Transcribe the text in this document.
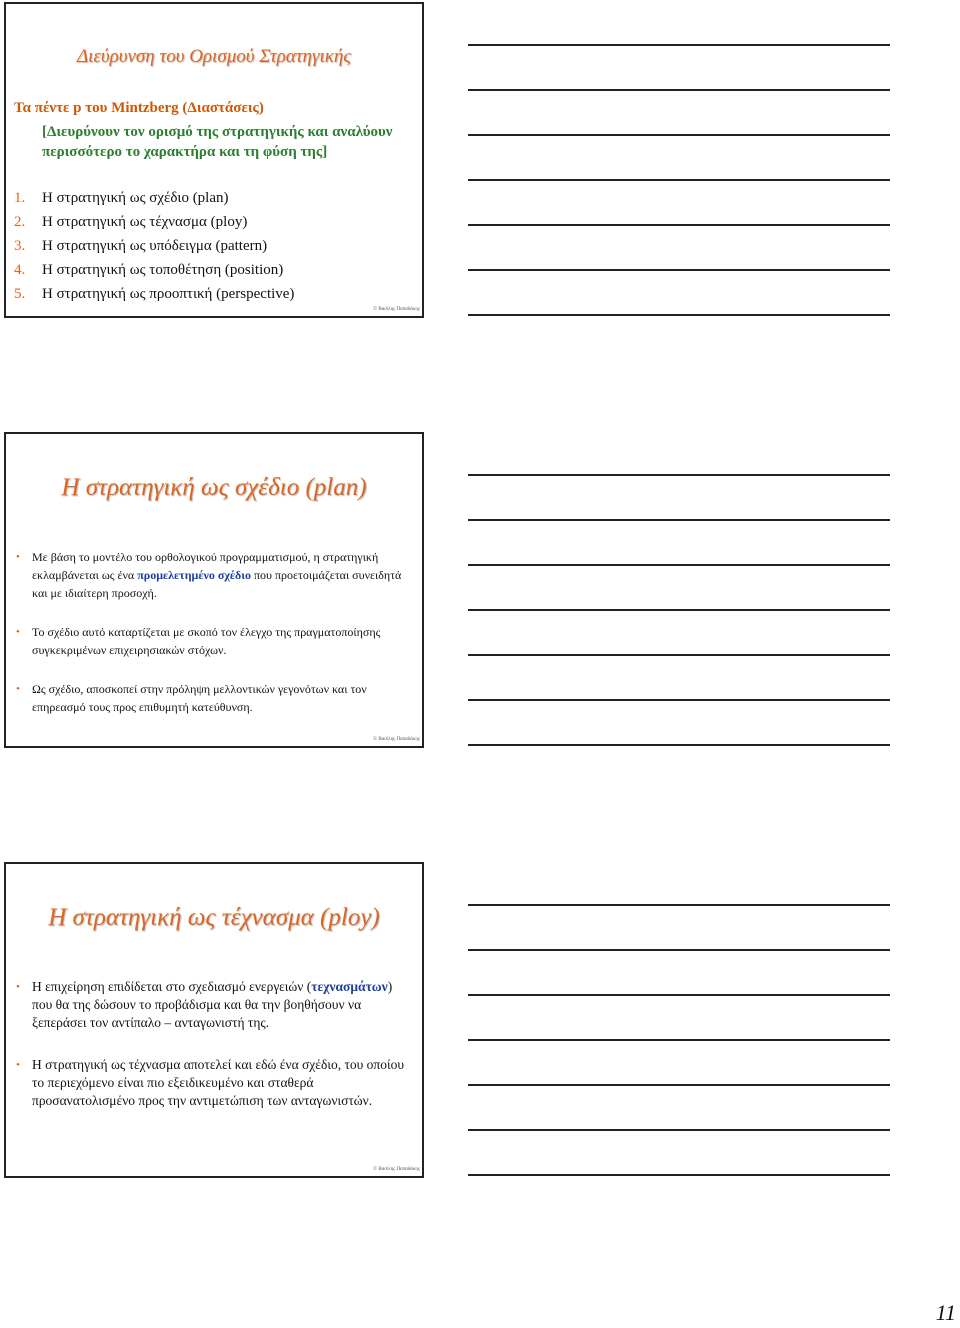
Διεύρυνση του Ορισμού Στρατηγικής
Τα πέντε p του Mintzberg (Διαστάσεις)
[Διευρύνουν τον ορισμό της στρατηγικής και αναλύουν περισσότερο το χαρακτήρα και τη φύση της]
1. Η στρατηγική ως σχέδιο (plan)
2. Η στρατηγική ως τέχνασμα (ploy)
3. Η στρατηγική ως υπόδειγμα (pattern)
4. Η στρατηγική ως τοποθέτηση (position)
5. Η στρατηγική ως προοπτική (perspective)
© Βασίλης Παπαδάκης
Η στρατηγική ως σχέδιο (plan)
• Με βάση το μοντέλο του ορθολογικού προγραμματισμού, η στρατηγική εκλαμβάνεται ως ένα προμελετημένο σχέδιο που προετοιμάζεται συνειδητά και με ιδιαίτερη προσοχή.
• Το σχέδιο αυτό καταρτίζεται με σκοπό τον έλεγχο της πραγματοποίησης συγκεκριμένων επιχειρησιακών στόχων.
• Ως σχέδιο, αποσκοπεί στην πρόληψη μελλοντικών γεγονότων και τον επηρεασμό τους προς επιθυμητή κατεύθυνση.
© Βασίλης Παπαδάκης
Η στρατηγική ως τέχνασμα (ploy)
• Η επιχείρηση επιδίδεται στο σχεδιασμό ενεργειών (τεχνασμάτων) που θα της δώσουν το προβάδισμα και θα την βοηθήσουν να ξεπεράσει τον αντίπαλο – ανταγωνιστή της.
• Η στρατηγική ως τέχνασμα αποτελεί και εδώ ένα σχέδιο, του οποίου το περιεχόμενο είναι πιο εξειδικευμένο και σταθερά προσανατολισμένο προς την αντιμετώπιση των ανταγωνιστών.
© Βασίλης Παπαδάκης
11
